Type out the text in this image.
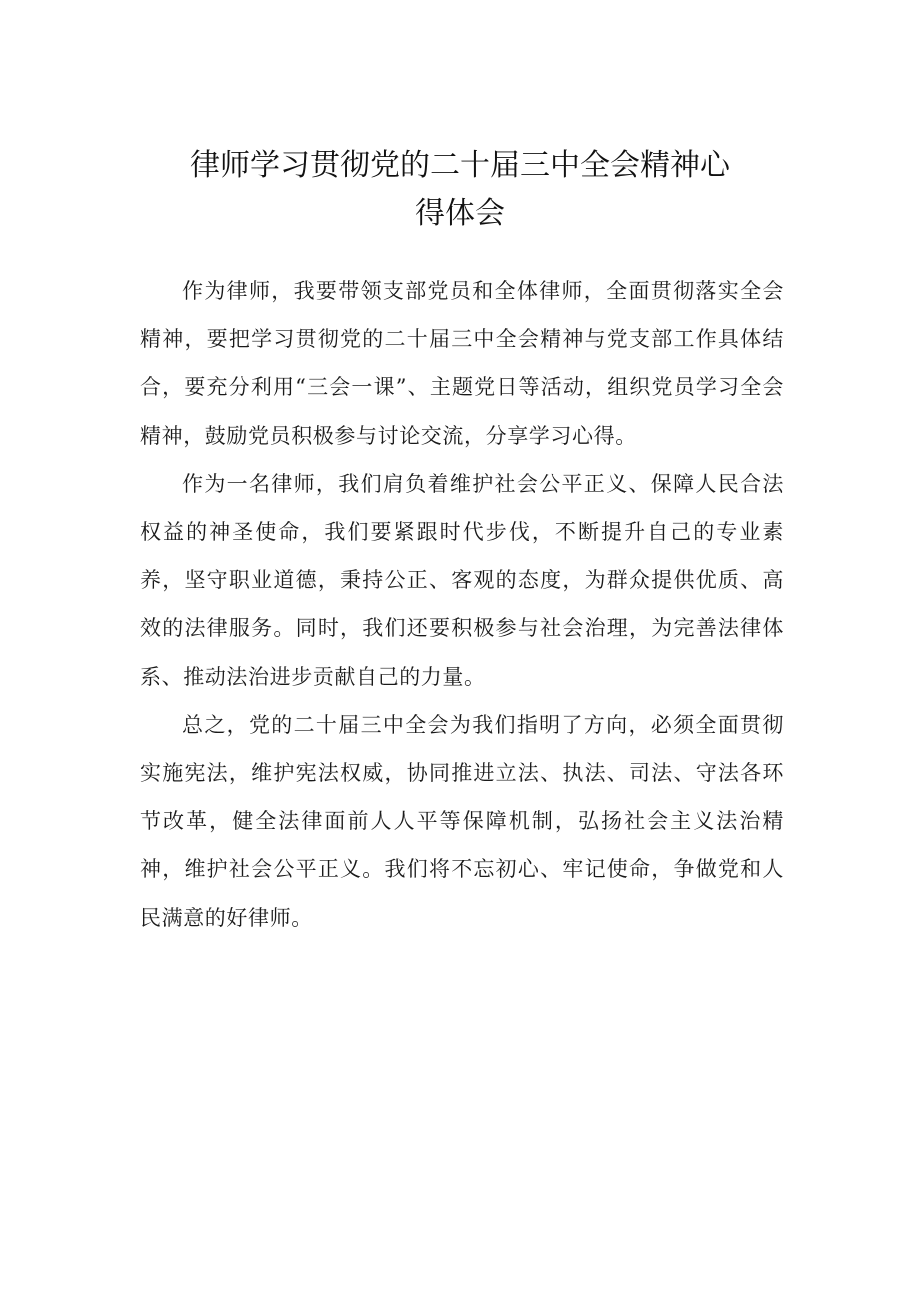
律师学习贯彻党的二十届三中全会精神心
得体会

作为律师，我要带领支部党员和全体律师，全面贯彻落实全会精神，要把学习贯彻党的二十届三中全会精神与党支部工作具体结合，要充分利用“三会一课”、主题党日等活动，组织党员学习全会精神，鼓励党员积极参与讨论交流，分享学习心得。

作为一名律师，我们肩负着维护社会公平正义、保障人民合法权益的神圣使命，我们要紧跟时代步伐，不断提升自己的专业素养，坚守职业道德，秉持公正、客观的态度，为群众提供优质、高效的法律服务。同时，我们还要积极参与社会治理，为完善法律体系、推动法治进步贡献自己的力量。

总之，党的二十届三中全会为我们指明了方向，必须全面贯彻实施宪法，维护宪法权威，协同推进立法、执法、司法、守法各环节改革，健全法律面前人人平等保障机制，弘扬社会主义法治精神，维护社会公平正义。我们将不忘初心、牢记使命，争做党和人民满意的好律师。
